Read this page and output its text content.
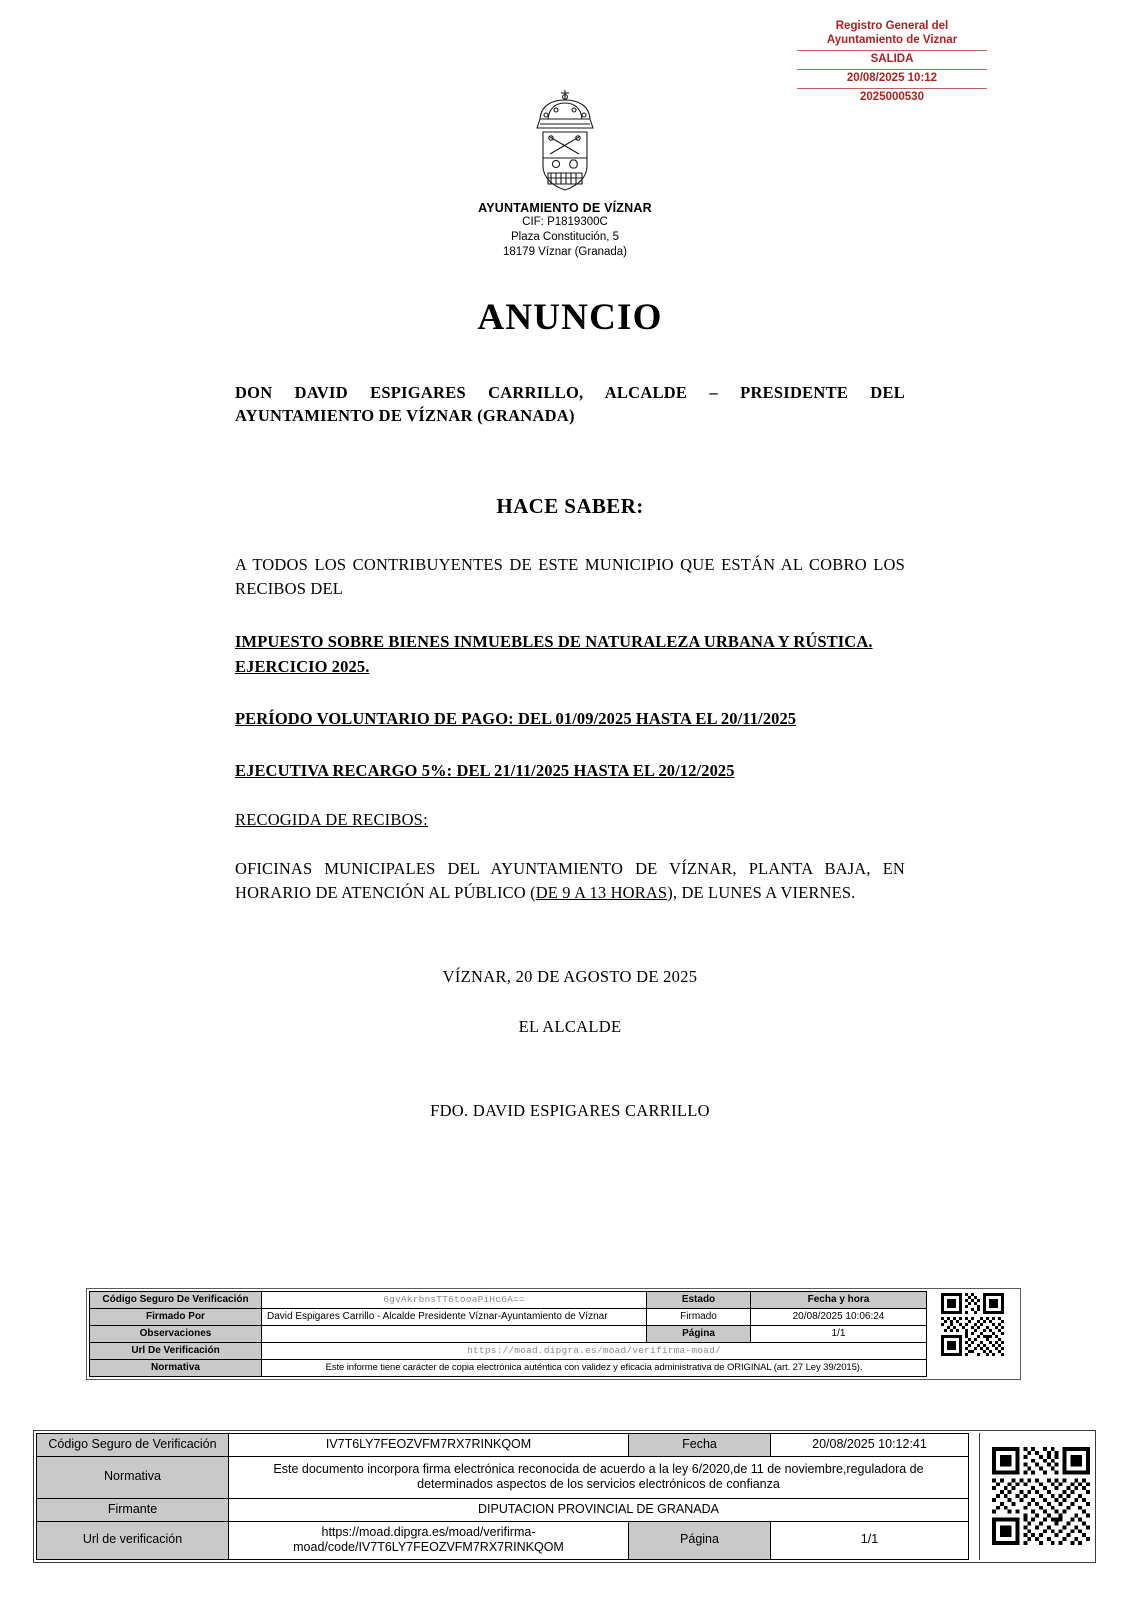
Registro General del
Ayuntamiento de Viznar
SALIDA
20/08/2025 10:12
2025000530
AYUNTAMIENTO DE VÍZNAR
CIF: P1819300C
Plaza Constitución, 5
18179 Víznar (Granada)
ANUNCIO

DON DAVID ESPIGARES CARRILLO, ALCALDE – PRESIDENTE DEL AYUNTAMIENTO DE VÍZNAR (GRANADA)

HACE SABER:

A TODOS LOS CONTRIBUYENTES DE ESTE MUNICIPIO QUE ESTÁN AL COBRO LOS RECIBOS DEL

IMPUESTO SOBRE BIENES INMUEBLES DE NATURALEZA URBANA Y RÚSTICA. EJERCICIO 2025.

PERÍODO VOLUNTARIO DE PAGO: DEL 01/09/2025 HASTA EL 20/11/2025

EJECUTIVA RECARGO 5%: DEL 21/11/2025 HASTA EL 20/12/2025

RECOGIDA DE RECIBOS:

OFICINAS MUNICIPALES DEL AYUNTAMIENTO DE VÍZNAR, PLANTA BAJA, EN HORARIO DE ATENCIÓN AL PÚBLICO (DE 9 A 13 HORAS), DE LUNES A VIERNES.

VÍZNAR, 20 DE AGOSTO DE 2025
EL ALCALDE
FDO. DAVID ESPIGARES CARRILLO
Código Seguro De Verificación	6gvAkrbnsTT6tooaPiHc6A==	Estado	Fecha y hora
Firmado Por	David Espigares Carrillo - Alcalde Presidente Víznar-Ayuntamiento de Víznar	Firmado	20/08/2025 10:06:24
Observaciones		Página	1/1
Url De Verificación	https://moad.dipgra.es/moad/verifirma-moad/		
Normativa	Este informe tiene carácter de copia electrónica auténtica con validez y eficacia administrativa de ORIGINAL (art. 27 Ley 39/2015).		
Código Seguro de Verificación	IV7T6LY7FEOZVFM7RX7RINKQOM	Fecha	20/08/2025 10:12:41
Normativa	Este documento incorpora firma electrónica reconocida de acuerdo a la ley 6/2020,de 11 de noviembre,reguladora de determinados aspectos de los servicios electrónicos de confianza		
Firmante	DIPUTACION PROVINCIAL DE GRANADA		
Url de verificación	https://moad.dipgra.es/moad/verifirma-
moad/code/IV7T6LY7FEOZVFM7RX7RINKQOM	Página	1/1
